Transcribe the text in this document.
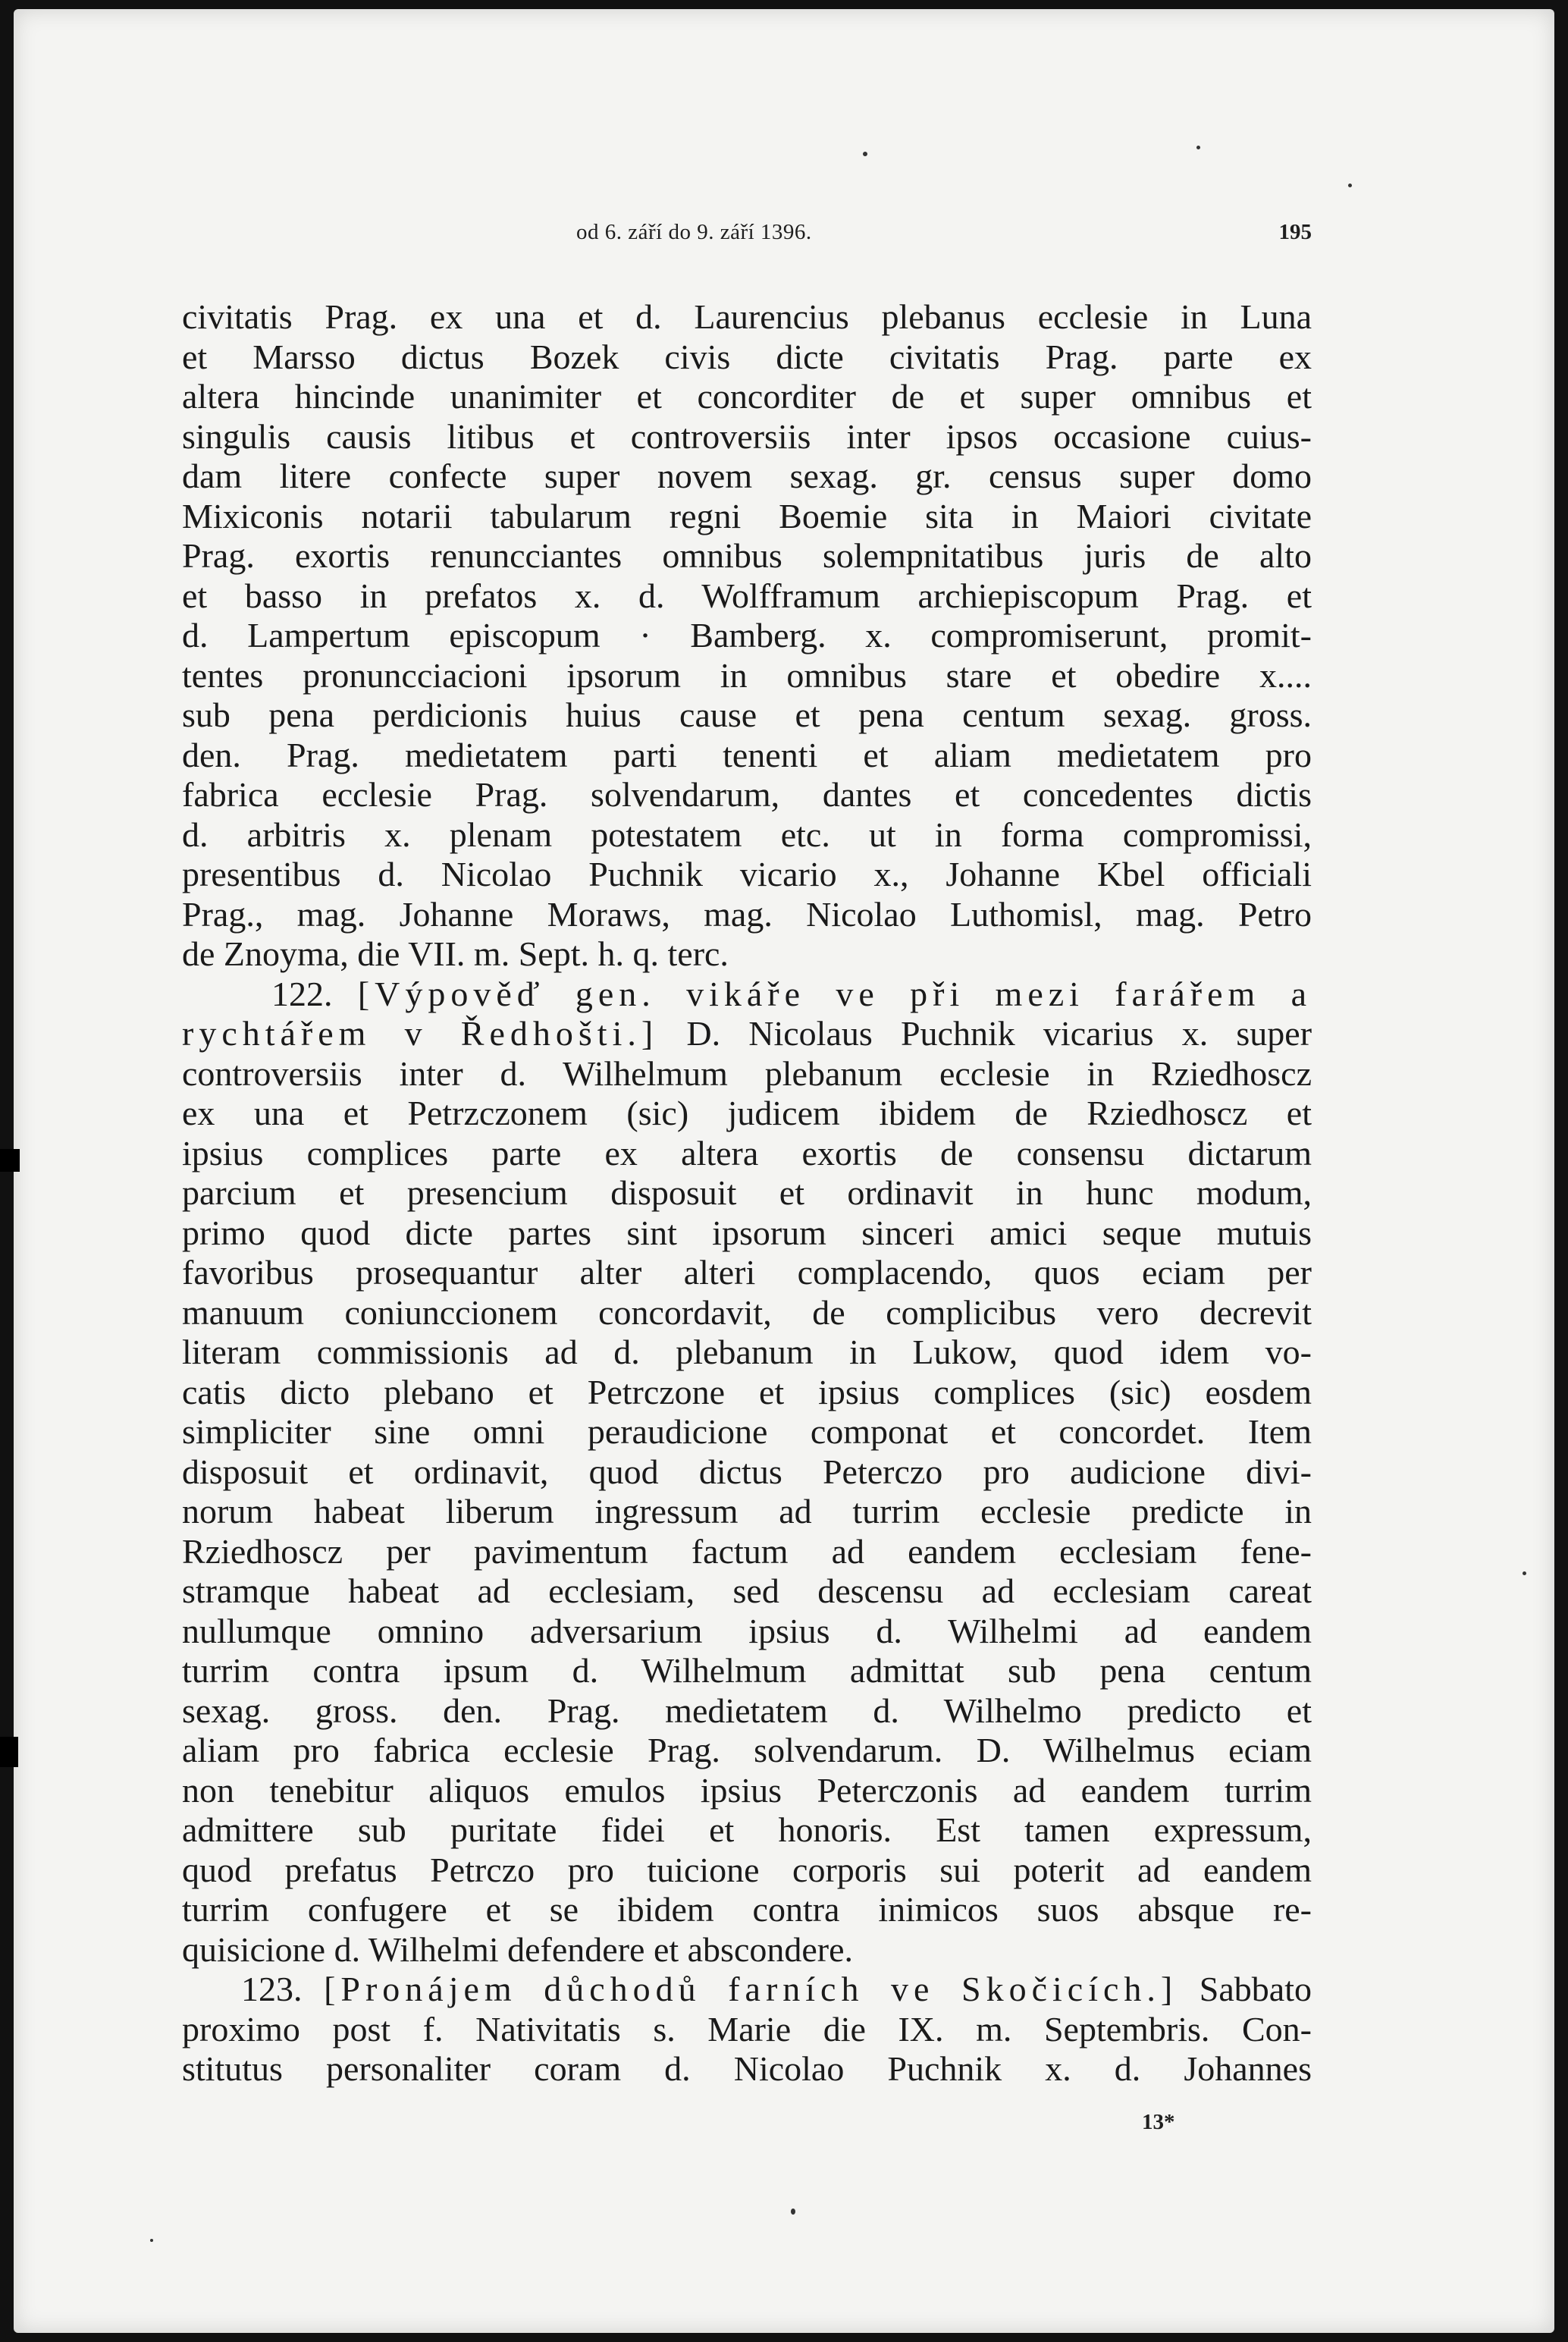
od 6. září do 9. září 1396.	195
civitatis Prag. ex una et d. Laurencius plebanus ecclesie in Luna
et Marsso dictus Bozek civis dicte civitatis Prag. parte ex
altera hincinde unanimiter et concorditer de et super omnibus et
singulis causis litibus et controversiis inter ipsos occasione cuius-
dam litere confecte super novem sexag. gr. census super domo
Mixiconis notarii tabularum regni Boemie sita in Maiori civitate
Prag. exortis renuncciantes omnibus solempnitatibus juris de alto
et basso in prefatos x. d. Wolfframum archiepiscopum Prag. et
d. Lampertum episcopum · Bamberg. x. compromiserunt, promit-
tentes pronuncciacioni ipsorum in omnibus stare et obedire x....
sub pena perdicionis huius cause et pena centum sexag. gross.
den. Prag. medietatem parti tenenti et aliam medietatem pro
fabrica ecclesie Prag. solvendarum, dantes et concedentes dictis
d. arbitris x. plenam potestatem etc. ut in forma compromissi,
presentibus d. Nicolao Puchnik vicario x., Johanne Kbel officiali
Prag., mag. Johanne Moraws, mag. Nicolao Luthomisl, mag. Petro
de Znoyma, die VII. m. Sept. h. q. terc.
122. [Výpověď gen. vikáře ve při mezi farářem a
rychtářem v Ředhošti.] D. Nicolaus Puchnik vicarius x. super
controversiis inter d. Wilhelmum plebanum ecclesie in Rziedhoscz
ex una et Petrzczonem (sic) judicem ibidem de Rziedhoscz et
ipsius complices parte ex altera exortis de consensu dictarum
parcium et presencium disposuit et ordinavit in hunc modum,
primo quod dicte partes sint ipsorum sinceri amici seque mutuis
favoribus prosequantur alter alteri complacendo, quos eciam per
manuum coniunccionem concordavit, de complicibus vero decrevit
literam commissionis ad d. plebanum in Lukow, quod idem vo-
catis dicto plebano et Petrczone et ipsius complices (sic) eosdem
simpliciter sine omni peraudicione componat et concordet. Item
disposuit et ordinavit, quod dictus Peterczo pro audicione divi-
norum habeat liberum ingressum ad turrim ecclesie predicte in
Rziedhoscz per pavimentum factum ad eandem ecclesiam fene-
stramque habeat ad ecclesiam, sed descensu ad ecclesiam careat
nullumque omnino adversarium ipsius d. Wilhelmi ad eandem
turrim contra ipsum d. Wilhelmum admittat sub pena centum
sexag. gross. den. Prag. medietatem d. Wilhelmo predicto et
aliam pro fabrica ecclesie Prag. solvendarum. D. Wilhelmus eciam
non tenebitur aliquos emulos ipsius Peterczonis ad eandem turrim
admittere sub puritate fidei et honoris. Est tamen expressum,
quod prefatus Petrczo pro tuicione corporis sui poterit ad eandem
turrim confugere et se ibidem contra inimicos suos absque re-
quisicione d. Wilhelmi defendere et abscondere.
123. [Pronájem důchodů farních ve Skočicích.] Sabbato
proximo post f. Nativitatis s. Marie die IX. m. Septembris. Con-
stitutus personaliter coram d. Nicolao Puchnik x. d. Johannes
13*
